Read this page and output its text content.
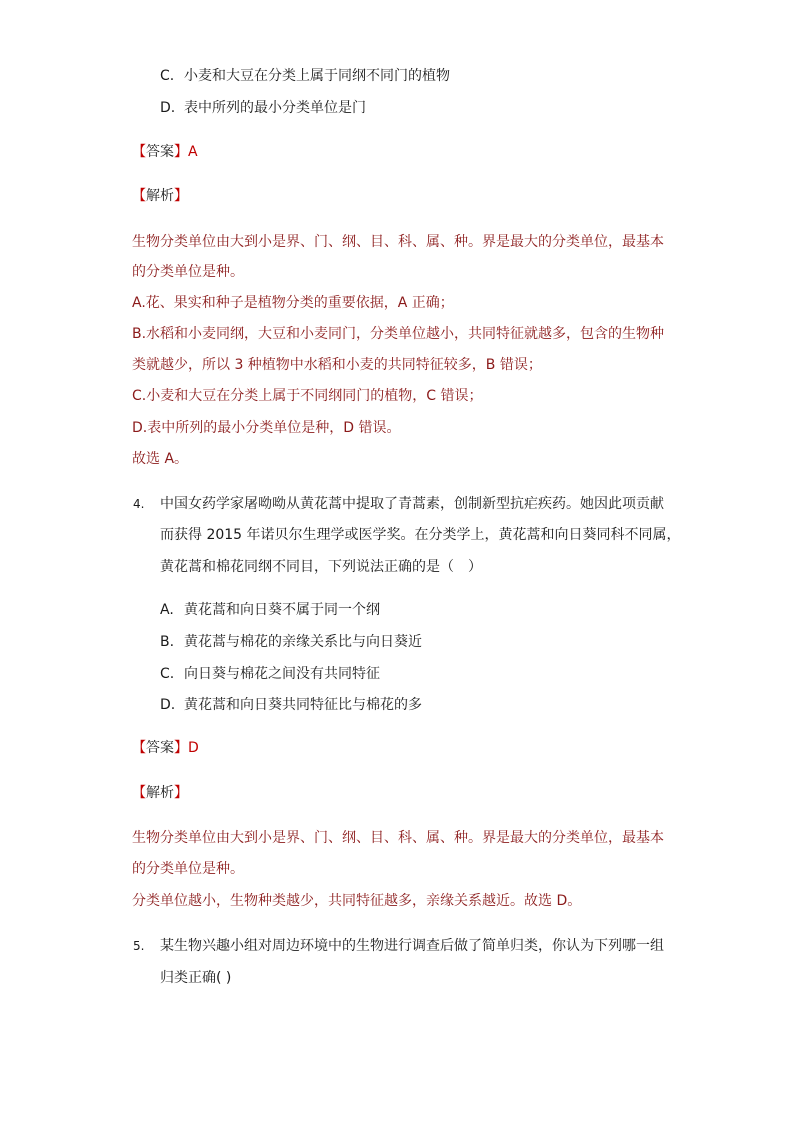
C. 小麦和大豆在分类上属于同纲不同门的植物
D. 表中所列的最小分类单位是门
【答案】A
【解析】
生物分类单位由大到小是界、门、纲、目、科、属、种。界是最大的分类单位，最基本
的分类单位是种。
A.花、果实和种子是植物分类的重要依据，A 正确；
B.水稻和小麦同纲，大豆和小麦同门，分类单位越小，共同特征就越多，包含的生物种
类就越少，所以 3 种植物中水稻和小麦的共同特征较多，B 错误；
C.小麦和大豆在分类上属于不同纲同门的植物，C 错误；
D.表中所列的最小分类单位是种，D 错误。
故选 A。
4. 中国女药学家屠呦呦从黄花蒿中提取了青蒿素，创制新型抗疟疾药。她因此项贡献
而获得 2015 年诺贝尔生理学或医学奖。在分类学上，黄花蒿和向日葵同科不同属，
黄花蒿和棉花同纲不同目，下列说法正确的是（　）
A. 黄花蒿和向日葵不属于同一个纲
B. 黄花蒿与棉花的亲缘关系比与向日葵近
C. 向日葵与棉花之间没有共同特征
D. 黄花蒿和向日葵共同特征比与棉花的多
【答案】D
【解析】
生物分类单位由大到小是界、门、纲、目、科、属、种。界是最大的分类单位，最基本
的分类单位是种。
分类单位越小，生物种类越少，共同特征越多，亲缘关系越近。故选 D。
5. 某生物兴趣小组对周边环境中的生物进行调查后做了简单归类，你认为下列哪一组
归类正确( )
